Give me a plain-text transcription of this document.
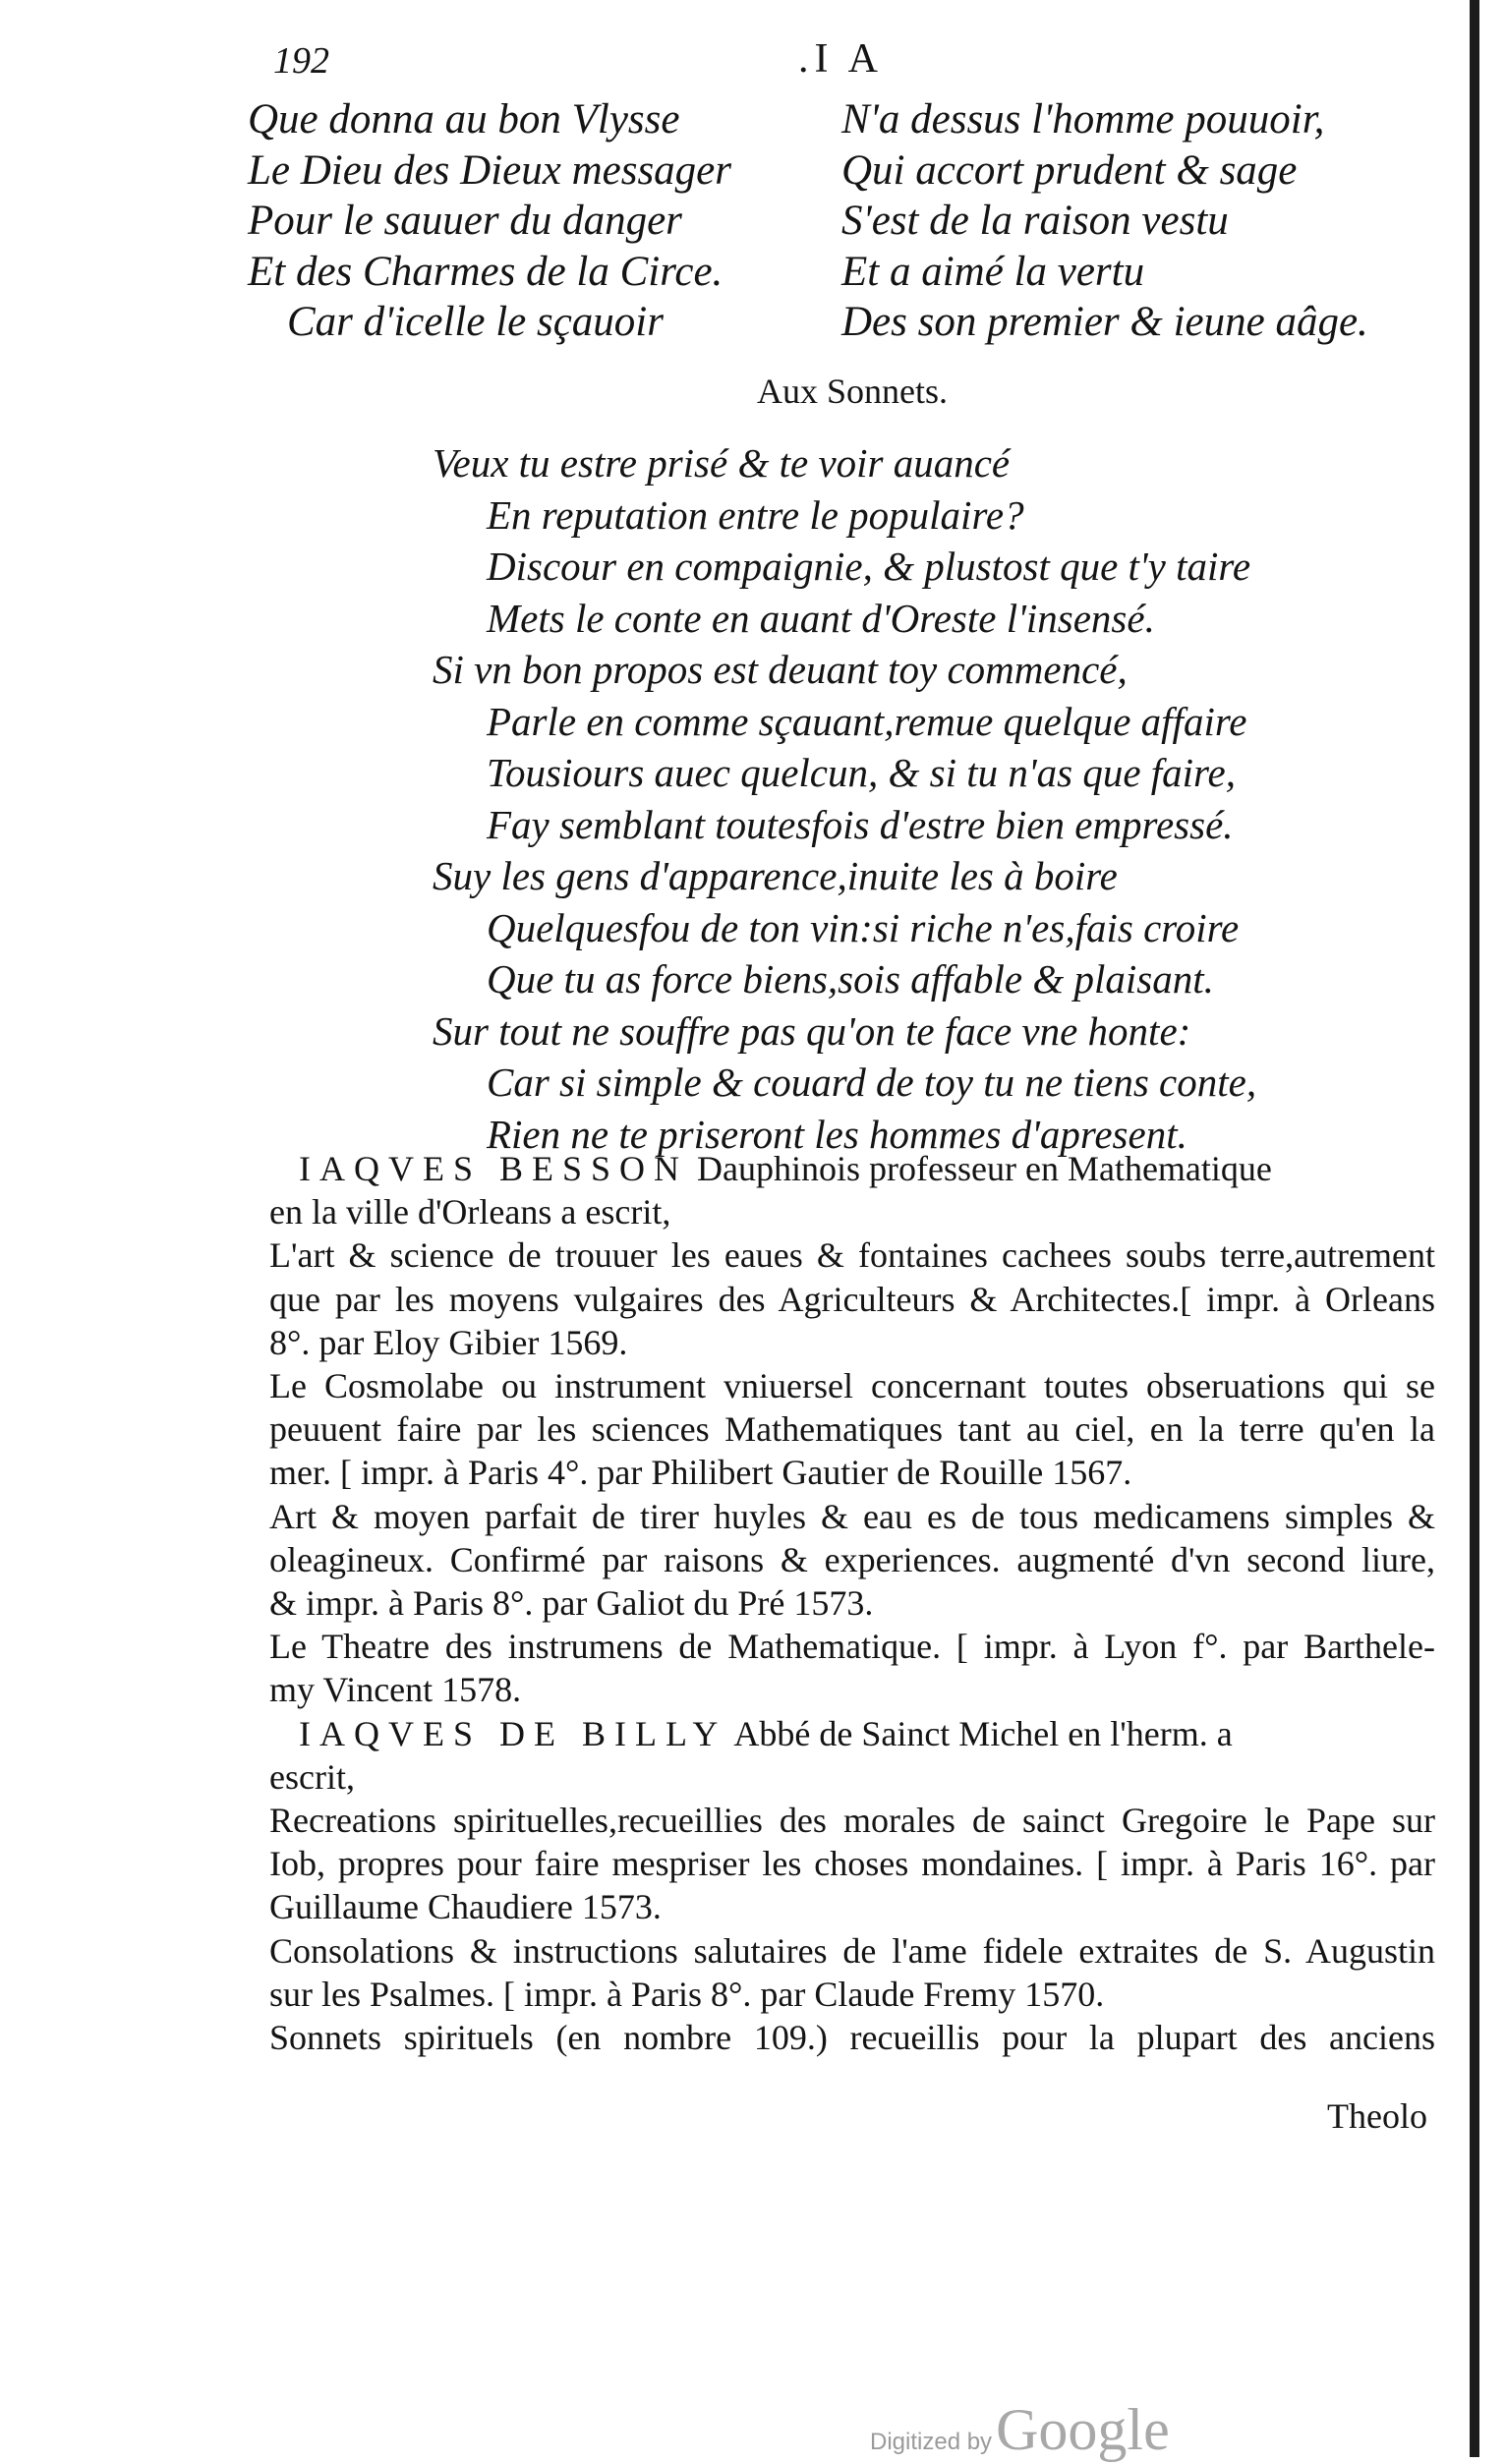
192	.I A
Que donna au bon Vlysse
Le Dieu des Dieux messager
Pour le sauuer du danger
Et des Charmes de la Circe.
Car d'icelle le sçauoir
N'a dessus l'homme pouuoir,
Qui accort prudent & sage
S'est de la raison vestu
Et a aimé la vertu
Des son premier & ieune aâge.
Aux Sonnets.
Veux tu estre prisé & te voir auancé
En reputation entre le populaire?
Discour en compaignie, & plustost que t'y taire
Mets le conte en auant d'Oreste l'insensé.
Si vn bon propos est deuant toy commencé,
Parle en comme sçauant,remue quelque affaire
Tousiours auec quelcun, & si tu n'as que faire,
Fay semblant toutesfois d'estre bien empressé.
Suy les gens d'apparence,inuite les à boire
Quelquesfou de ton vin:si riche n'es,fais croire
Que tu as force biens,sois affable & plaisant.
Sur tout ne souffre pas qu'on te face vne honte:
Car si simple & couard de toy tu ne tiens conte,
Rien ne te priseront les hommes d'apresent.
IAQVES BESSON Dauphinois professeur en Mathematique
en la ville d'Orleans a escrit,
L'art & science de trouuer les eaues & fontaines cachees soubs terre,autrement
que par les moyens vulgaires des Agriculteurs & Architectes.[ impr. à Orleans
8°. par Eloy Gibier 1569.
Le Cosmolabe ou instrument vniuersel concernant toutes obseruations qui se
peuuent faire par les sciences Mathematiques tant au ciel, en la terre qu'en la
mer. [ impr. à Paris 4°. par Philibert Gautier de Rouille 1567.
Art & moyen parfait de tirer huyles & eau es de tous medicamens simples &
oleagineux. Confirmé par raisons & experiences. augmenté d'vn second liure,
& impr. à Paris 8°. par Galiot du Pré 1573.
Le Theatre des instrumens de Mathematique. [ impr. à Lyon f°. par Barthele-
my Vincent 1578.
IAQVES DE BILLY Abbé de Sainct Michel en l'herm. a
escrit,
Recreations spirituelles,recueillies des morales de sainct Gregoire le Pape sur
Iob, propres pour faire mespriser les choses mondaines. [ impr. à Paris 16°. par
Guillaume Chaudiere 1573.
Consolations & instructions salutaires de l'ame fidele extraites de S. Augustin
sur les Psalmes. [ impr. à Paris 8°. par Claude Fremy 1570.
Sonnets spirituels (en nombre 109.) recueillis pour la plupart des anciens
Theolo
Digitized by Google
